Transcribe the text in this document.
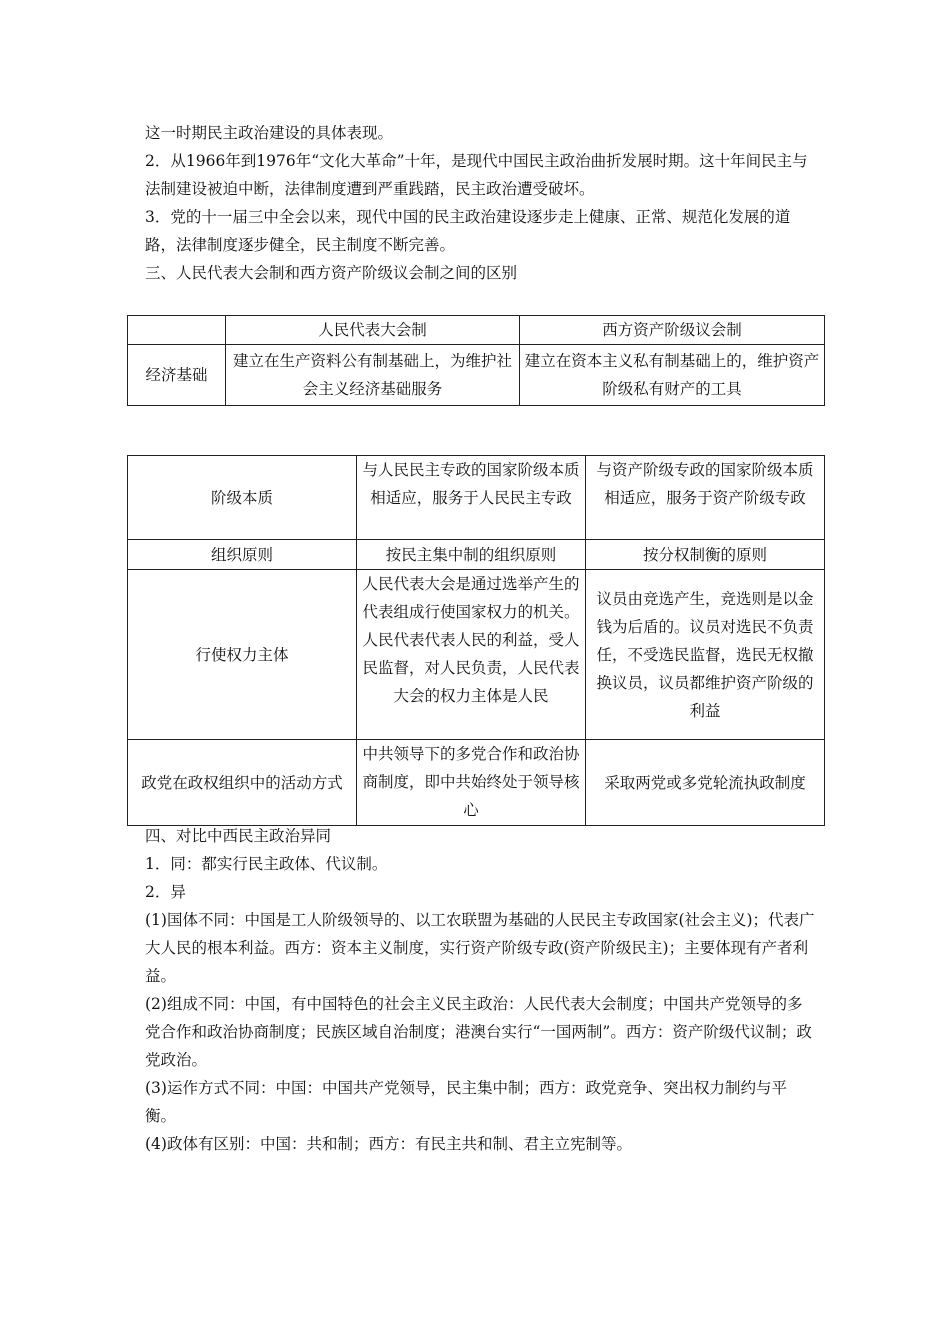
这一时期民主政治建设的具体表现。

2．从1966年到1976年“文化大革命”十年，是现代中国民主政治曲折发展时期。这十年间民主与法制建设被迫中断，法律制度遭到严重践踏，民主政治遭受破坏。

3．党的十一届三中全会以来，现代中国的民主政治建设逐步走上健康、正常、规范化发展的道路，法律制度逐步健全，民主制度不断完善。

三、人民代表大会制和西方资产阶级议会制之间的区别

	人民代表大会制	西方资产阶级议会制
经济基础	建立在生产资料公有制基础上，为维护社会主义经济基础服务	建立在资本主义私有制基础上的，维护资产阶级私有财产的工具
阶级本质	与人民民主专政的国家阶级本质相适应，服务于人民民主专政	与资产阶级专政的国家阶级本质相适应，服务于资产阶级专政
组织原则	按民主集中制的组织原则	按分权制衡的原则
行使权力主体	人民代表大会是通过选举产生的代表组成行使国家权力的机关。人民代表代表人民的利益，受人民监督，对人民负责，人民代表大会的权力主体是人民	议员由竞选产生，竞选则是以金钱为后盾的。议员对选民不负责任，不受选民监督，选民无权撤换议员，议员都维护资产阶级的利益
政党在政权组织中的活动方式	中共领导下的多党合作和政治协商制度，即中共始终处于领导核心	采取两党或多党轮流执政制度

四、对比中西民主政治异同

1．同：都实行民主政体、代议制。

2．异

(1)国体不同：中国是工人阶级领导的、以工农联盟为基础的人民民主专政国家(社会主义)；代表广大人民的根本利益。西方：资本主义制度，实行资产阶级专政(资产阶级民主)；主要体现有产者利益。

(2)组成不同：中国，有中国特色的社会主义民主政治：人民代表大会制度；中国共产党领导的多党合作和政治协商制度；民族区域自治制度；港澳台实行“一国两制”。西方：资产阶级代议制；政党政治。

(3)运作方式不同：中国：中国共产党领导，民主集中制；西方：政党竞争、突出权力制约与平衡。

(4)政体有区别：中国：共和制；西方：有民主共和制、君主立宪制等。
